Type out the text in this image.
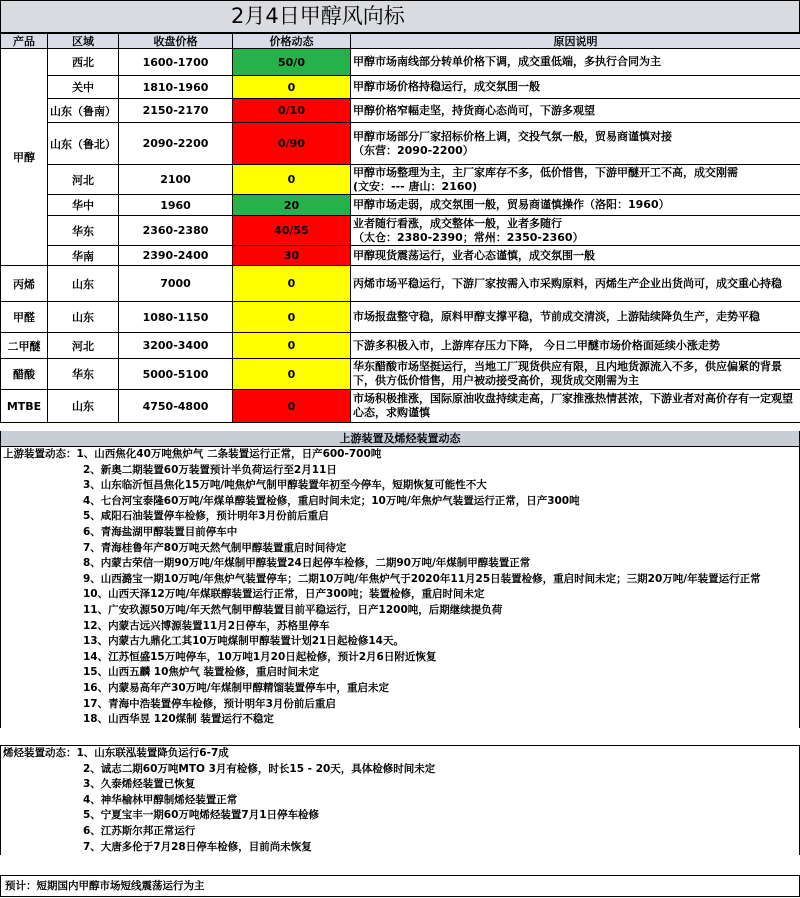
2月4日甲醇风向标
产品	区域	收盘价格	价格动态	原因说明
甲醇	西北	1600-1700	50/0	甲醇市场南线部分转单价格下调，成交重低端，多执行合同为主

	关中	1810-1960	0	甲醇市场价格持稳运行，成交氛围一般

	山东（鲁南）	2150-2170	0/10	甲醇价格窄幅走坚，持货商心态尚可，下游多观望

	山东（鲁北）	2090-2200	0/90	甲醇市场部分厂家招标价格上调，交投气氛一般，贸易商谨慎对接
（东营：2090-2200）

	河北	2100	0	甲醇市场整理为主，主厂家库存不多，低价惜售，下游甲醚开工不高，成交刚需
(文安：--- 唐山：2160)

	华中	1960	20	甲醇市场走弱，成交氛围一般，贸易商谨慎操作（洛阳：1960）

	华东	2360-2380	40/55	业者随行看涨，成交整体一般，业者多随行
（太仓：2380-2390；常州：2350-2360）

	华南	2390-2400	30	甲醇现货震荡运行，业者心态谨慎，成交氛围一般

丙烯	山东	7000	0	丙烯市场平稳运行，下游厂家按需入市采购原料，丙烯生产企业出货尚可，成交重心持稳

甲醛	山东	1080-1150	0	市场报盘整守稳，原料甲醇支撑平稳，节前成交清淡，上游陆续降负生产，走势平稳

二甲醚	河北	3200-3400	0	下游多积极入市，上游库存压力下降， 今日二甲醚市场价格面延续小涨走势

醋酸	华东	5000-5100	0	华东醋酸市场坚挺运行，当地工厂现货供应有限，且内地货源流入不多，供应偏紧的背景
下，供方低价惜售，用户被动接受高价，现货成交刚需为主

MTBE	山东	4750-4800	0	市场积极推涨，国际原油收盘持续走高，厂家推涨热情甚浓，下游业者对高价存有一定观望
心态，求购谨慎
上游装置及烯烃装置动态
上游装置动态：1、山西焦化40万吨焦炉气 二条装置运行正常，日产600-700吨
2、新奥二期装置60万装置预计半负荷运行至2月11日
3、山东临沂恒昌焦化15万吨/吨焦炉气制甲醇装置年初至今停车，短期恢复可能性不大
4、七台河宝泰隆60万吨/年煤单醇装置检修，重启时间未定；10万吨/年焦炉气装置运行正常，日产300吨
5、咸阳石油装置停车检修，预计明年3月份前后重启
6、青海盐湖甲醇装置目前停车中
7、青海桂鲁年产80万吨天然气制甲醇装置重启时间待定
8、内蒙古荣信一期90万吨/年煤制甲醇装置24日起停车检修，二期90万吨/年煤制甲醇装置正常
9、山西潞宝一期10万吨/年焦炉气装置停车；二期10万吨/年焦炉气于2020年11月25日装置检修，重启时间未定；三期20万吨/年装置运行正常
10、山西天泽12万吨/年煤联醇装置运行正常，日产300吨；装置检修，重启时间未定
11、广安玖源50万吨/年天然气制甲醇装置目前平稳运行，日产1200吨，后期继续提负荷
12、内蒙古远兴博源装置11月2日停车，苏格里停车
13、内蒙古九鼎化工其10万吨煤制甲醇装置计划21日起检修14天。
14、江苏恒盛15万吨停车，10万吨1月20日起检修，预计2月6日附近恢复
15、山西五麟 10焦炉气 装置检修，重启时间未定
16、内蒙易高年产30万吨/年煤制甲醇精馏装置停车中，重启未定
17、青海中浩装置停车检修，预计明年3月份前后重启
18、山西华昱 120煤制 装置运行不稳定
烯烃装置动态：1、山东联泓装置降负运行6-7成
2、诚志二期60万吨MTO 3月有检修，时长15 - 20天，具体检修时间未定
3、久泰烯烃装置已恢复
4、神华榆林甲醇制烯烃装置正常
5、宁夏宝丰一期60万吨烯烃装置7月1日停车检修
6、江苏斯尔邦正常运行
7、大唐多伦于7月28日停车检修，目前尚未恢复
预计：短期国内甲醇市场短线震荡运行为主
